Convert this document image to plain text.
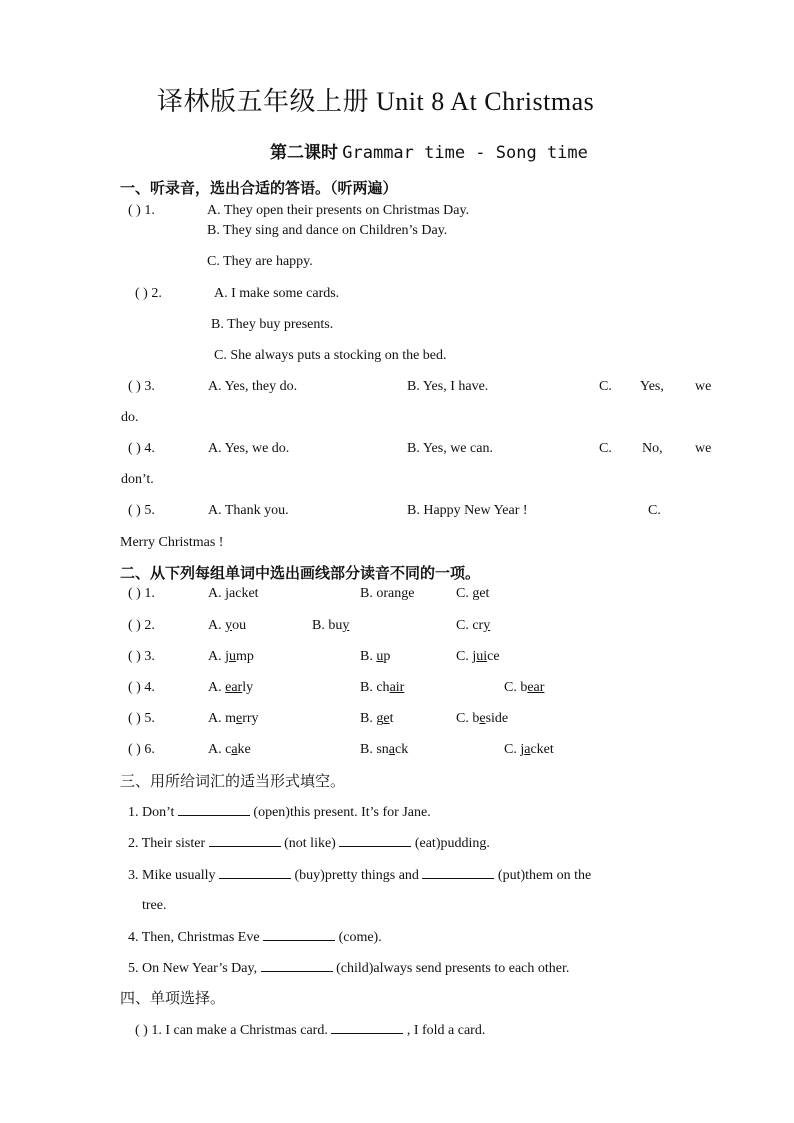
译林版五年级上册 Unit 8 At Christmas
第二课时 Grammar time - Song time
一、听录音，选出合适的答语。（听两遍）
( ) 1.	A. They open their presents on Christmas Day.
B. They sing and dance on Children’s Day.
C. They are happy.
( ) 2.	A. I make some cards.
B. They buy presents.
C. She always puts a stocking on the bed.
( ) 3.	A. Yes, they do.	B. Yes, I have.	C. Yes, we
do.
( ) 4.	A. Yes, we do.	B. Yes, we can.	C. No, we
don’t.
( ) 5.	A. Thank you.	B. Happy New Year !	C.
Merry Christmas !
二、从下列每组单词中选出画线部分读音不同的一项。
( ) 1.	A. jacket	B. orange	C. get
( ) 2.	A. you	B. buy	C. cry
( ) 3.	A. jump	B. up	C. juice
( ) 4.	A. early	B. chair	C. bear
( ) 5.	A. merry	B. get	C. beside
( ) 6.	A. cake	B. snack	C. jacket
三、用所给词汇的适当形式填空。
1. Don’t	(open)this present. It’s for Jane.
2. Their sister	(not like)	(eat)pudding.
3. Mike usually	(buy)pretty things and	(put)them on the
tree.
4. Then, Christmas Eve	(come).
5. On New Year’s Day,	(child)always send presents to each other.
四、单项选择。
( ) 1. I can make a Christmas card.	, I fold a card.
